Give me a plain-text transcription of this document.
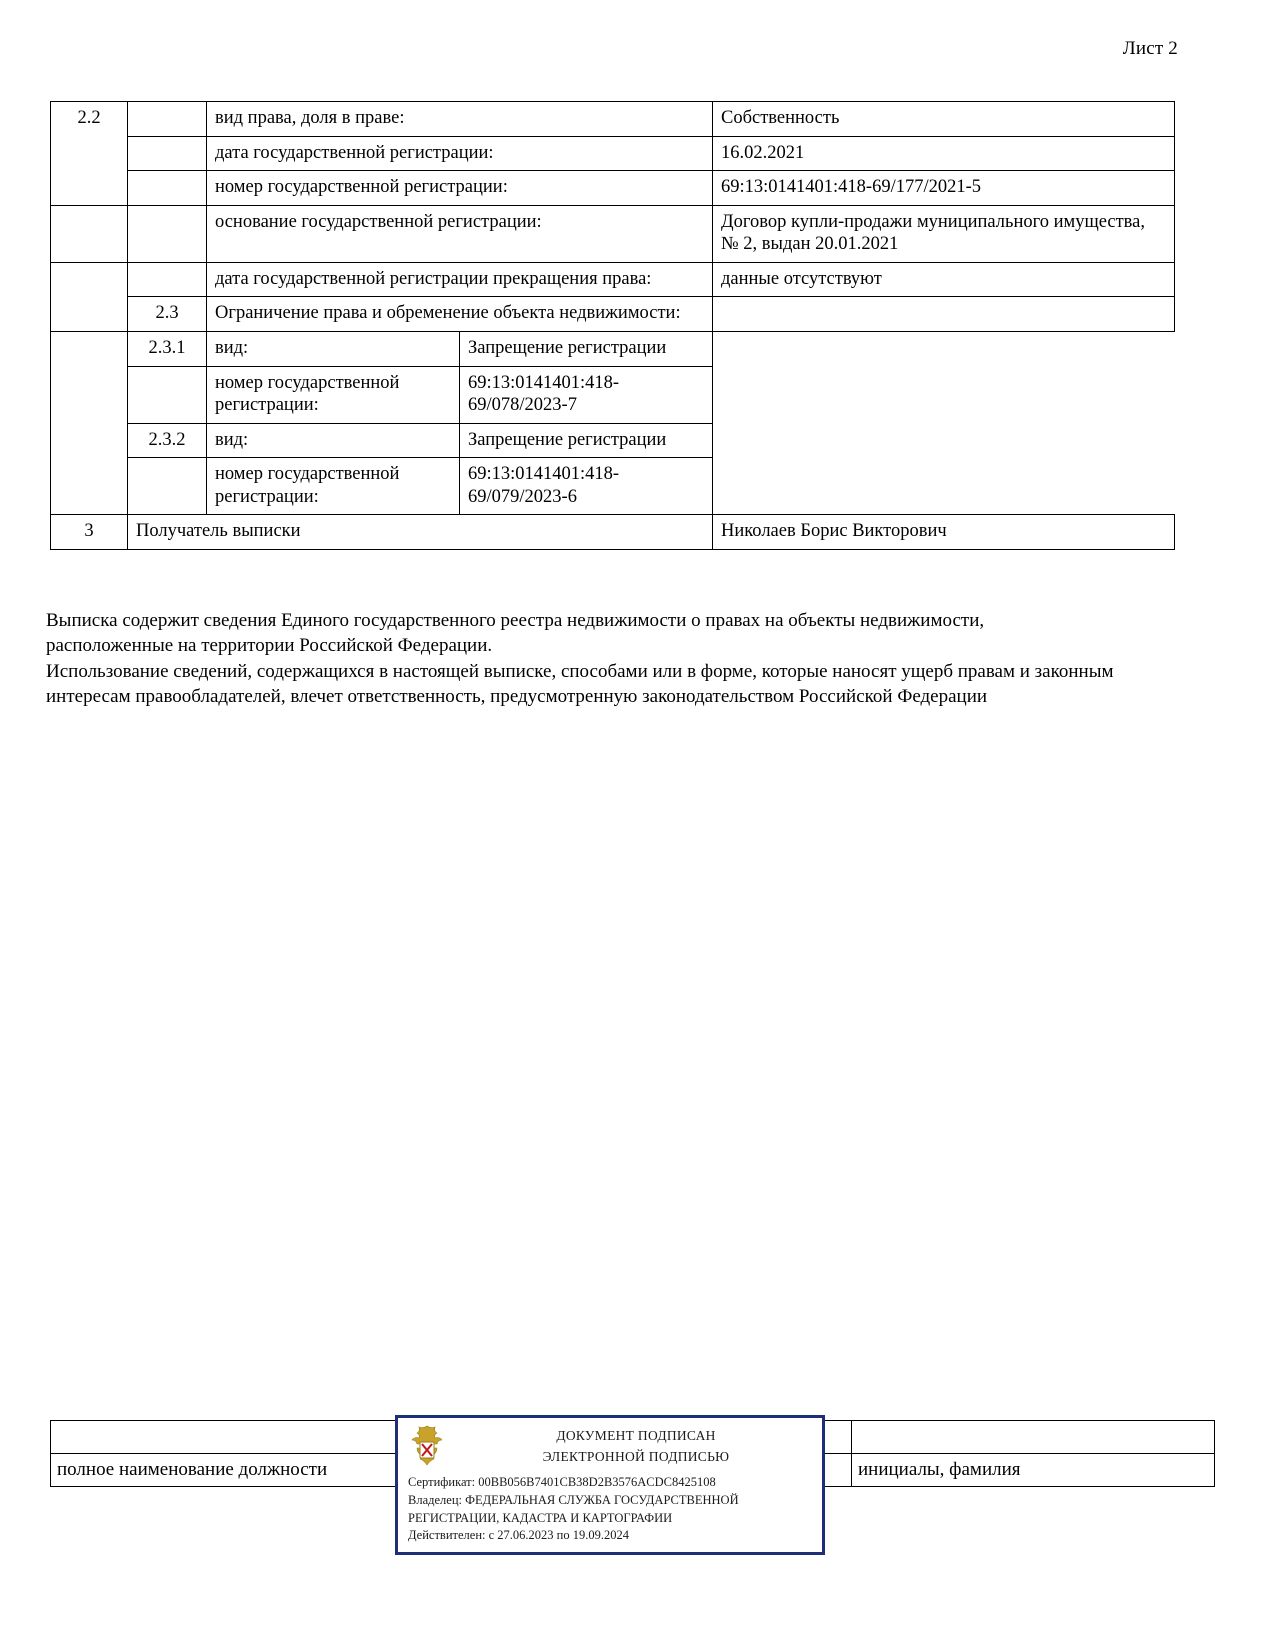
Лист 2
2.2		вид права, доля в праве:		Собственность
		дата государственной регистрации:		16.02.2021
		номер государственной регистрации:		69:13:0141401:418-69/177/2021-5
		основание государственной регистрации:		Договор купли-продажи муниципального имущества, № 2, выдан 20.01.2021
		дата государственной регистрации прекращения права:		данные отсутствуют
	2.3	Ограничение права и обременение объекта недвижимости:		
	2.3.1	вид:	Запрещение регистрации	
		номер государственной регистрации:	69:13:0141401:418-69/078/2023-7	
	2.3.2	вид:	Запрещение регистрации	
		номер государственной регистрации:	69:13:0141401:418-69/079/2023-6	
3	Получатель выписки			Николаев Борис Викторович

Выписка содержит сведения Единого государственного реестра недвижимости о правах на объекты недвижимости,

расположенные на территории Российской Федерации.

Использование сведений, содержащихся в настоящей выписке, способами или в форме, которые наносят ущерб правам и законным

интересам правообладателей, влечет ответственность, предусмотренную законодательством Российской Федерации

полное наименование должности		инициалы, фамилия
ДОКУМЕНТ ПОДПИСАН
ЭЛЕКТРОННОЙ ПОДПИСЬЮ
Сертификат: 00BB056B7401CB38D2B3576ACDC8425108
Владелец: ФЕДЕРАЛЬНАЯ СЛУЖБА ГОСУДАРСТВЕННОЙ
РЕГИСТРАЦИИ, КАДАСТРА И КАРТОГРАФИИ
Действителен: с 27.06.2023 по 19.09.2024
